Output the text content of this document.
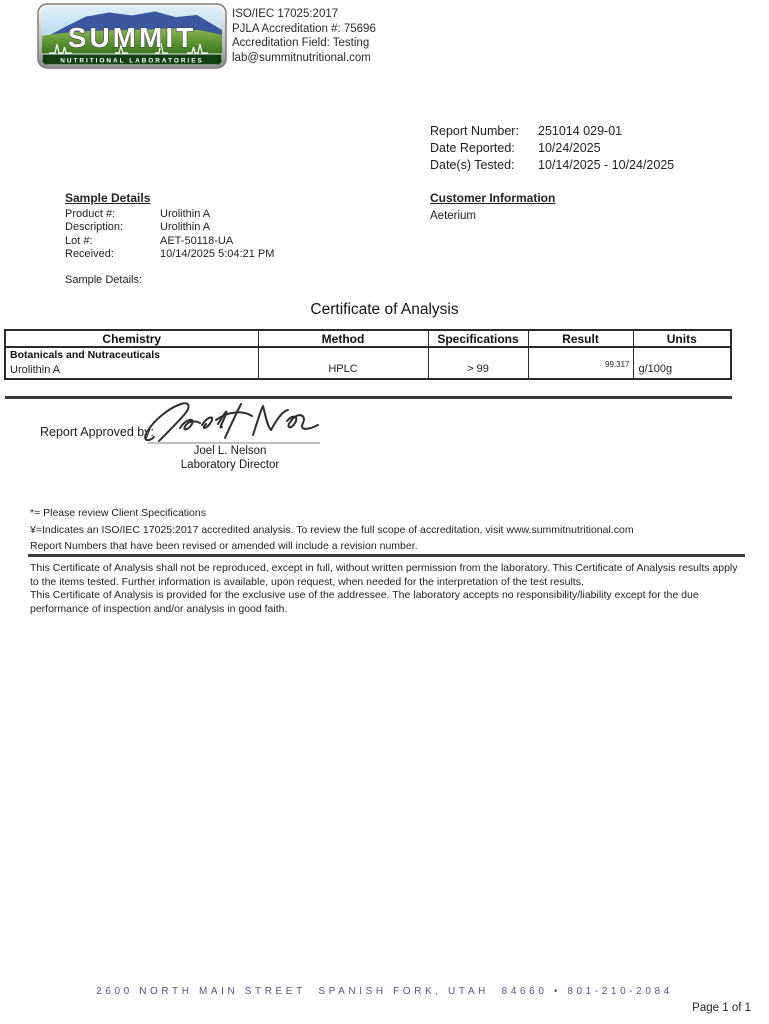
SUMMIT
NUTRITIONAL LABORATORIES
ISO/IEC 17025:2017
PJLA Accreditation #: 75696
Accreditation Field: Testing
lab@summitnutritional.com
Report Number:	251014 029-01
Date Reported:	10/24/2025
Date(s) Tested:	10/14/2025 - 10/24/2025
Sample Details
Product #:	Urolithin A
Description:	Urolithin A
Lot #:	AET-50118-UA
Received:	10/14/2025 5:04:21 PM
Sample Details:
Customer Information
Aeterium
Certificate of Analysis
Chemistry	Method	Specifications	Result	Units

Botanicals and Nutraceuticals
Urolithin A	HPLC	> 99	99.317	g/100g
Report Approved by:
Joel L. Nelson
Laboratory Director
*= Please review Client Specifications
¥=Indicates an ISO/IEC 17025:2017 accredited analysis. To review the full scope of accreditation, visit www.summitnutritional.com
Report Numbers that have been revised or amended will include a revision number.
This Certificate of Analysis shall not be reproduced, except in full, without written permission from the laboratory. This Certificate of Analysis results apply to the items tested. Further information is available, upon request, when needed for the interpretation of the test results.
This Certificate of Analysis is provided for the exclusive use of the addressee. The laboratory accepts no responsibility/liability except for the due performance of inspection and/or analysis in good faith.
2600 NORTH MAIN STREET  SPANISH FORK, UTAH  84660 • 801-210-2084
Page 1 of 1
